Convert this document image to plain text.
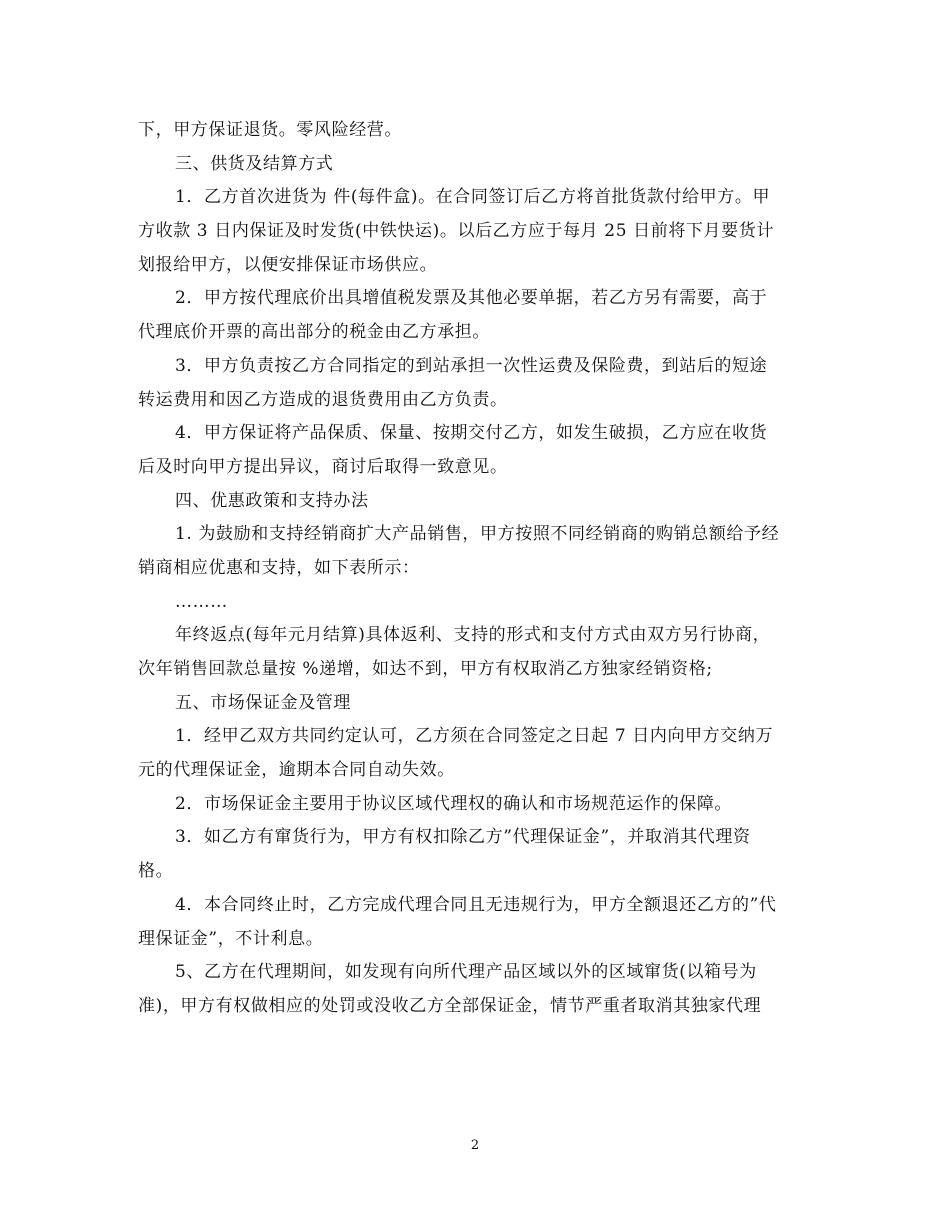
下，甲方保证退货。零风险经营。
三、供货及结算方式
1．乙方首次进货为 件(每件盒)。在合同签订后乙方将首批货款付给甲方。甲
方收款 3 日内保证及时发货(中铁快运)。以后乙方应于每月 25 日前将下月要货计
划报给甲方，以便安排保证市场供应。
2．甲方按代理底价出具增值税发票及其他必要单据，若乙方另有需要，高于
代理底价开票的高出部分的税金由乙方承担。
3．甲方负责按乙方合同指定的到站承担一次性运费及保险费，到站后的短途
转运费用和因乙方造成的退货费用由乙方负责。
4．甲方保证将产品保质、保量、按期交付乙方，如发生破损，乙方应在收货
后及时向甲方提出异议，商讨后取得一致意见。
四、优惠政策和支持办法
1. 为鼓励和支持经销商扩大产品销售，甲方按照不同经销商的购销总额给予经
销商相应优惠和支持，如下表所示：
………
年终返点(每年元月结算)具体返利、支持的形式和支付方式由双方另行协商，
次年销售回款总量按 %递增，如达不到，甲方有权取消乙方独家经销资格;
五、市场保证金及管理
1．经甲乙双方共同约定认可，乙方须在合同签定之日起 7 日内向甲方交纳万
元的代理保证金，逾期本合同自动失效。
2．市场保证金主要用于协议区域代理权的确认和市场规范运作的保障。
3．如乙方有窜货行为，甲方有权扣除乙方”代理保证金”，并取消其代理资
格。
4．本合同终止时，乙方完成代理合同且无违规行为，甲方全额退还乙方的”代
理保证金”，不计利息。
5、乙方在代理期间，如发现有向所代理产品区域以外的区域窜货(以箱号为
准)，甲方有权做相应的处罚或没收乙方全部保证金，情节严重者取消其独家代理
2
